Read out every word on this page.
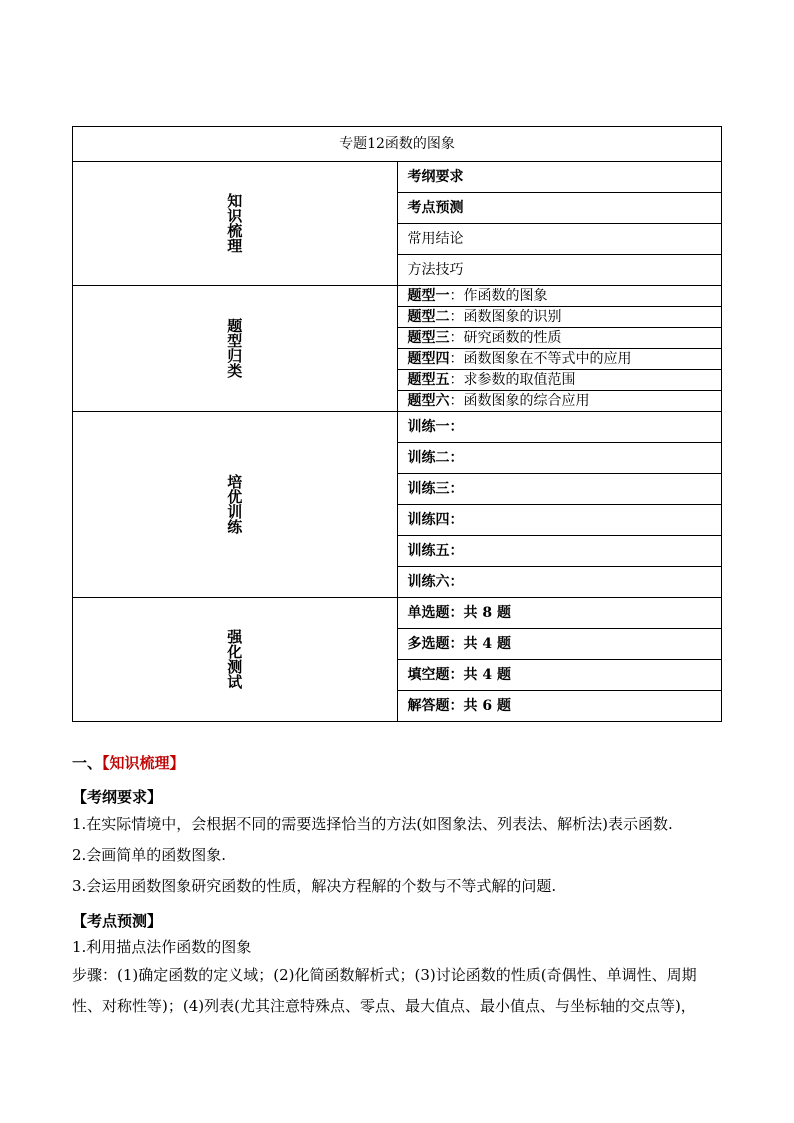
专题12函数的图象	

知
识
梳
理	考纲要求
	考点预测
	常用结论
	方法技巧

题
型
归
类	题型一：作函数的图象
	题型二：函数图象的识别
	题型三：研究函数的性质
	题型四：函数图象在不等式中的应用
	题型五：求参数的取值范围
	题型六：函数图象的综合应用

培
优
训
练	训练一：
	训练二：
	训练三：
	训练四：
	训练五：
	训练六：

强
化
测
试	单选题：共 8 题
	多选题：共 4 题
	填空题：共 4 题
	解答题：共 6 题
一、【知识梳理】
【考纲要求】
1.在实际情境中，会根据不同的需要选择恰当的方法(如图象法、列表法、解析法)表示函数.
2.会画简单的函数图象.
3.会运用函数图象研究函数的性质，解决方程解的个数与不等式解的问题.
【考点预测】
1.利用描点法作函数的图象
步骤：(1)确定函数的定义域；(2)化简函数解析式；(3)讨论函数的性质(奇偶性、单调性、周期性、对称性等)；(4)列表(尤其注意特殊点、零点、最大值点、最小值点、与坐标轴的交点等)，
